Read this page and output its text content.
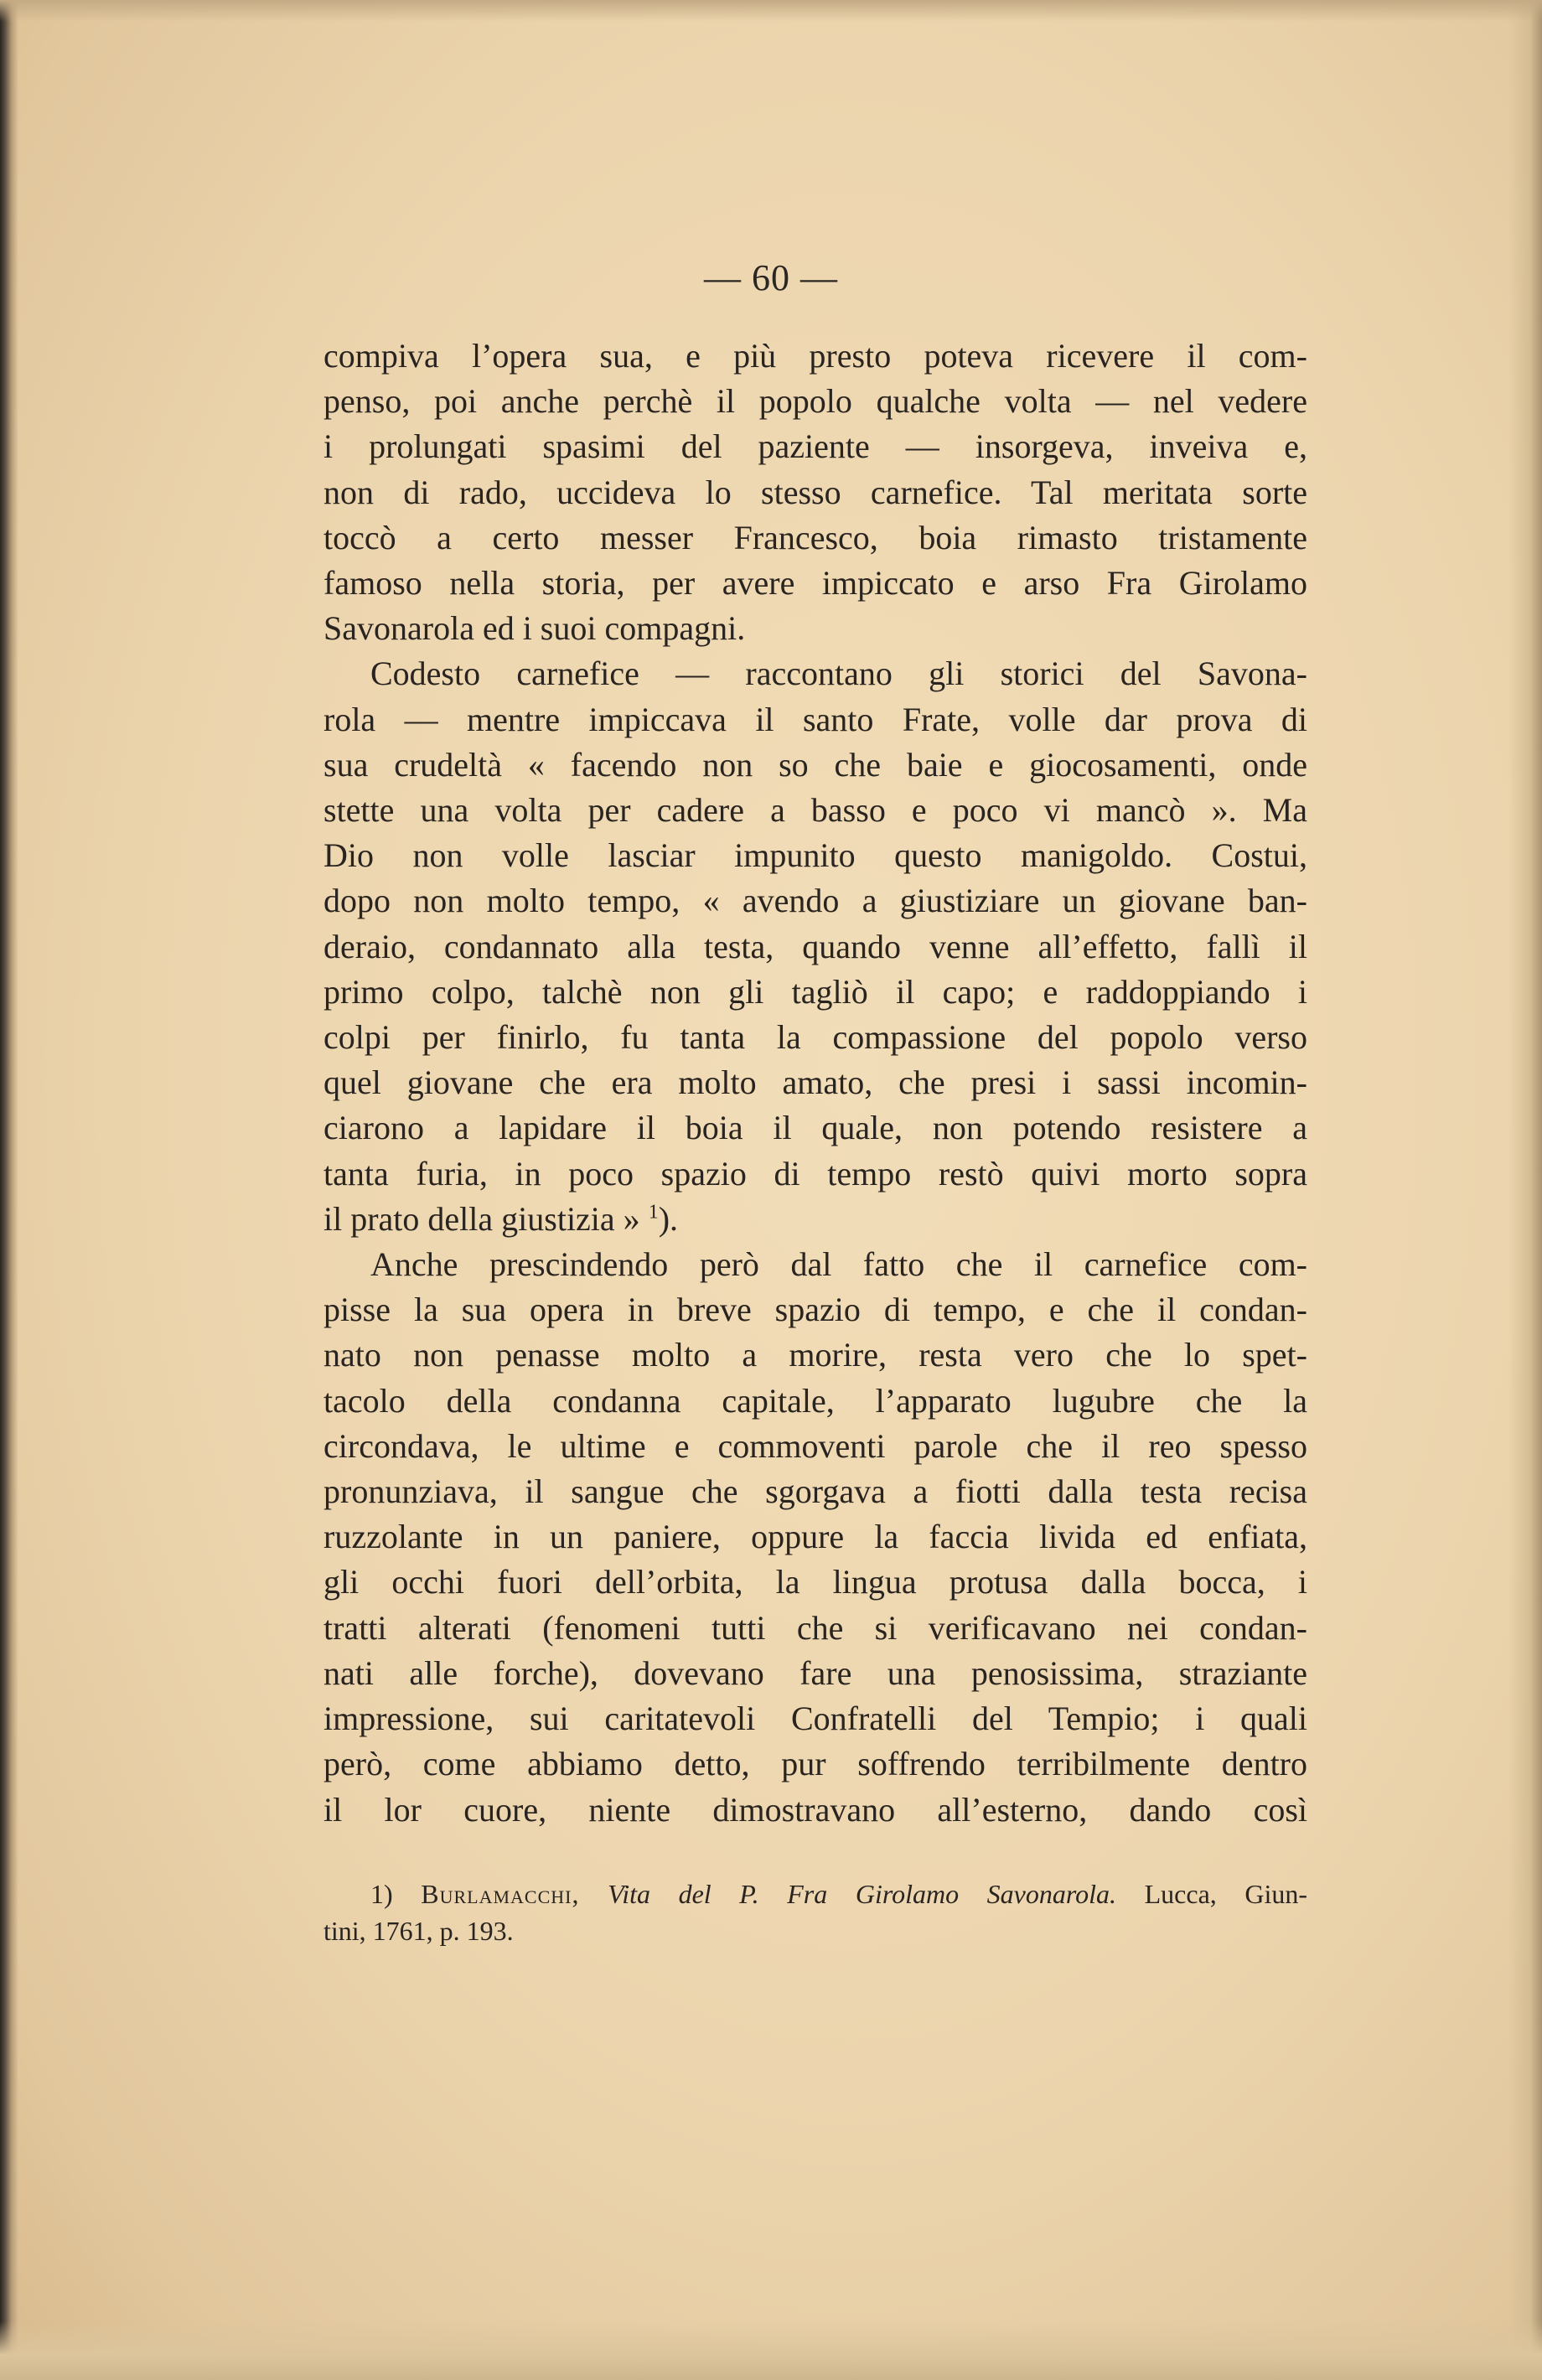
— 60 —

compiva l’opera sua, e più presto poteva ricevere il com-
penso, poi anche perchè il popolo qualche volta — nel vedere
i prolungati spasimi del paziente — insorgeva, inveiva e,
non di rado, uccideva lo stesso carnefice. Tal meritata sorte
toccò a certo messer Francesco, boia rimasto tristamente
famoso nella storia, per avere impiccato e arso Fra Girolamo
Savonarola ed i suoi compagni.

Codesto carnefice — raccontano gli storici del Savona-
rola — mentre impiccava il santo Frate, volle dar prova di
sua crudeltà « facendo non so che baie e giocosamenti, onde
stette una volta per cadere a basso e poco vi mancò ». Ma
Dio non volle lasciar impunito questo manigoldo. Costui,
dopo non molto tempo, « avendo a giustiziare un giovane ban-
deraio, condannato alla testa, quando venne all’effetto, fallì il
primo colpo, talchè non gli tagliò il capo; e raddoppiando i
colpi per finirlo, fu tanta la compassione del popolo verso
quel giovane che era molto amato, che presi i sassi incomin-
ciarono a lapidare il boia il quale, non potendo resistere a
tanta furia, in poco spazio di tempo restò quivi morto sopra
il prato della giustizia » $^1$).

Anche prescindendo però dal fatto che il carnefice com-
pisse la sua opera in breve spazio di tempo, e che il condan-
nato non penasse molto a morire, resta vero che lo spet-
tacolo della condanna capitale, l’apparato lugubre che la
circondava, le ultime e commoventi parole che il reo spesso
pronunziava, il sangue che sgorgava a fiotti dalla testa recisa
ruzzolante in un paniere, oppure la faccia livida ed enfiata,
gli occhi fuori dell’orbita, la lingua protusa dalla bocca, i
tratti alterati (fenomeni tutti che si verificavano nei condan-
nati alle forche), dovevano fare una penosissima, straziante
impressione, sui caritatevoli Confratelli del Tempio; i quali
però, come abbiamo detto, pur soffrendo terribilmente dentro
il lor cuore, niente dimostravano all’esterno, dando così

1) Burlamacchi, Vita del P. Fra Girolamo Savonarola. Lucca, Giun-
tini, 1761, p. 193.
